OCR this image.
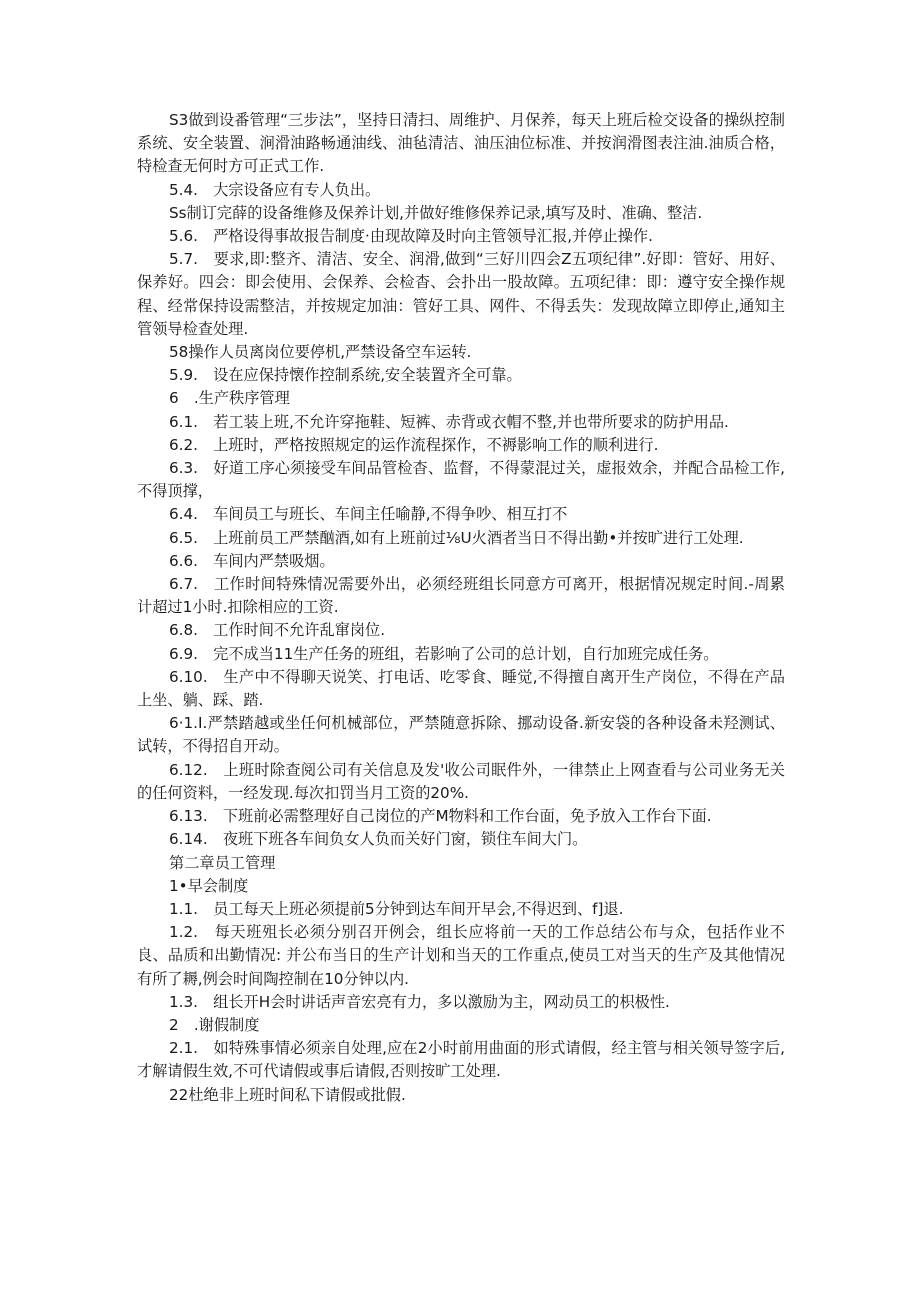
S3做到设番管理“三步法”，坚持日清扫、周维护、月保养，每天上班后检交设备的操纵控制系统、安全装置、涧滑油路畅通油线、油毡清洁、油压油位标准、并按润滑图表注油.油质合格，特检查无何时方可正式工作.

5.4.　大宗设备应有专人负出。

Ss制订完薛的设备维修及保养计划,并做好维修保养记录,填写及时、准确、整洁.

5.6.　严格设得事故报告制度·由现故障及时向主管领导汇报,并停止操作.

5.7.　要求,即:整齐、清洁、安全、润滑,做到“三好川四会Z五项纪律”.好即：管好、用好、保养好。四会：即会使用、会保养、会检杳、会扑出一股故障。五项纪律：即：遵守安全操作规程、经常保持设需整洁，并按规定加油：管好工具、网件、不得丢失：发现故障立即停止,通知主管领导检查处理.

58操作人员离岗位要停机,严禁设备空车运转.

5.9.　设在应保持懐作控制系统,安全装置齐全可靠。

6　.生产秩序管理

6.1.　若工装上班,不允许穿拖鞋、短裤、赤背或衣帽不整,并也带所要求的防护用品.

6.2.　上班时，严格按照规定的运作流程探作，不褥影响工作的顺利进行.

6.3.　好道工序心须接受车间品管检杳、监督，不得蒙混过关，虚报效余，并配合品检工作,不得顶撑，

6.4.　车间员工与班长、车间主任喻静,不得争吵、相互打不

6.5.　上班前员工严禁酗酒,如有上班前过⅛U火酒者当日不得出勤•并按旷进行工处理.

6.6.　车间内严禁吸烟。

6.7.　工作时间特殊情况需要外出，必须经班组长同意方可离开，根据情况规定时间.-周累计超过1小时.扣除相应的工资.

6.8.　工作时间不允许乱窜岗位.

6.9.　完不成当11生产任务的班组，若影响了公司的总计划，自行加班完成任务。

6.10.　生产中不得聊天说笑、打电话、吃零食、睡觉,不得擅自离开生产岗位，不得在产品上坐、躺、踩、踏.

6·1.I.严禁踏越或坐任何机械部位，严禁随意拆除、挪动设备.新安袋的各种设备未羟测试、试转，不得招自开动。

6.12.　上班时除查阅公司有关信息及发'收公司眠件外，一律禁止上网查看与公司业务无关的任何资料，一经发现.每次扣罚当月工资的20%.

6.13.　下班前必需整理好自己岗位的产M物料和工作台面，免予放入工作台下面.

6.14.　夜班下班各车间负女人负而关好门窗，锁住车间大门。

第二章员工管理

1•早会制度

1.1.　员工每天上班必须提前5分钟到达车间开早会,不得迟到、f]退.

1.2.　每天班殂长必须分别召开例会，组长应将前一天的工作总结公布与众，包括作业不良、品质和出勤情况: 并公布当日的生产计划和当天的工作重点,使员工对当天的生产及其他情况有所了耨,例会时间陶控制在10分钟以内.

1.3.　组长开H会时讲话声音宏亮有力，多以激励为主，网动员工的枳极性.

2　.谢假制度

2.1.　如特殊事情必须亲自处理,应在2小时前用曲面的形式请假，经主管与相关领导签字后,才解请假生效,不可代请假或事后请假,否则按旷工处理.

22杜绝非上班时间私下请假或批假.
